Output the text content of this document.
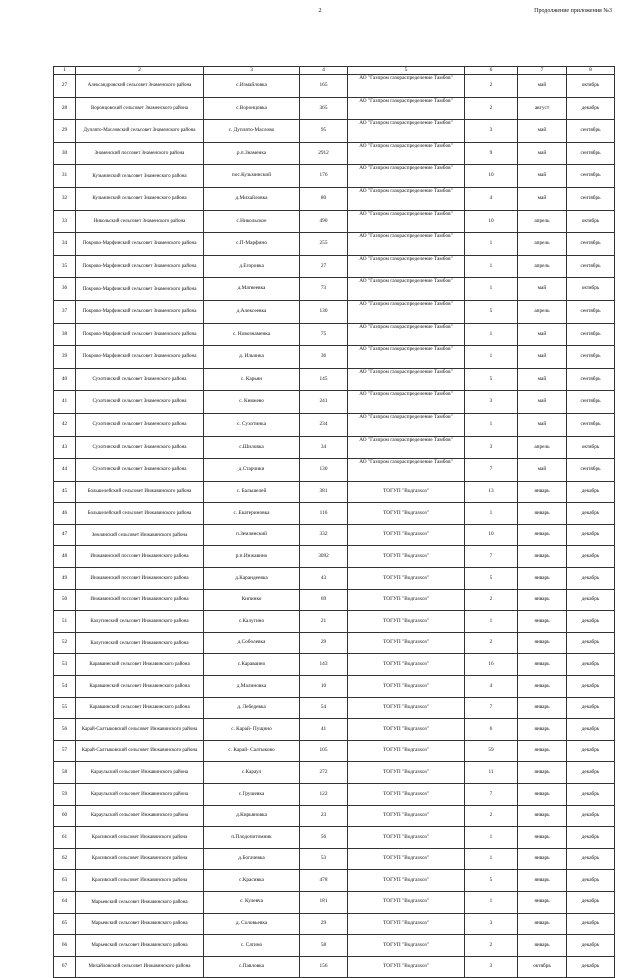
2	Продолжение приложения №3
1	2	3	4	5	6	7	8
27	Александровский сельсовет Знаменского района	с.Измайловка	165	АО "Газпром газораспределение Тамбов"	2	май	октябрь
28	Воронцовский сельсовет Знаменского района	с.Воронцовка	365	АО "Газпром газораспределение Тамбов"	2	август	декабрь
29	Дуплято-Масловский сельсовет Знаменского района	с. Дуплято-Маслово	95	АО "Газпром газораспределение Тамбов"	3	май	сентябрь
30	Знаменский поссовет Знаменского района	р.п.Знаменка	2912	АО "Газпром газораспределение Тамбов"	9	май	сентябрь
31	Кузьминский сельсовет Знаменского района	пос.Кузьминский	176	АО "Газпром газораспределение Тамбов"	10	май	сентябрь
32	Кузьминский сельсовет Знаменского района	д.Михайловка	80	АО "Газпром газораспределение Тамбов"	4	май	сентябрь
33	Никольский сельсовет Знаменского района	с.Никольское	490	АО "Газпром газораспределение Тамбов"	10	апрель	октябрь
34	Покрово-Марфинский сельсовет Знаменского района	с.П-Марфино	255	АО "Газпром газораспределение Тамбов"	1	апрель	сентябрь
35	Покрово-Марфинский сельсовет Знаменского района	д.Егоровка	27	АО "Газпром газораспределение Тамбов"	1	апрель	сентябрь
36	Покрово-Марфинский сельсовет Знаменского района	д.Матвеевка	73	АО "Газпром газораспределение Тамбов"	1	май	октябрь
37	Покрово-Марфинский сельсовет Знаменского района	д.Алексеевка	130	АО "Газпром газораспределение Тамбов"	5	апрель	сентябрь
38	Покрово-Марфинский сельсовет Знаменского района	с. Новознаменка	75	АО "Газпром газораспределение Тамбов"	1	май	сентябрь
39	Покрово-Марфинский сельсовет Знаменского района	д. Ильинка	36	АО "Газпром газораспределение Тамбов"	1	май	сентябрь
40	Сухотинский сельсовет Знаменского района	с. Карьян	145	АО "Газпром газораспределение Тамбов"	5	май	сентябрь
41	Сухотинский сельсовет Знаменского района	с. Княжево	241	АО "Газпром газораспределение Тамбов"	3	май	сентябрь
42	Сухотинский сельсовет Знаменского района	с. Сухотинка	234	АО "Газпром газораспределение Тамбов"	1	май	сентябрь
43	Сухотинский сельсовет Знаменского района	с.Шиловка	34	АО "Газпром газораспределение Тамбов"	3	апрель	октябрь
44	Сухотинский сельсовет Знаменского района	д.Старчики	130	АО "Газпром газораспределение Тамбов"	7	май	сентябрь
45	Большелейский сельсовет Инжавинского района	с. Бальшелей	381	ТОГУП "Водгазхоз"	13	январь	декабрь
46	Большелейский сельсовет Инжавинского района	с. Екатериновка	116	ТОГУП "Водгазхоз"	1	январь	декабрь
47	Землянский сельсовет Инжавинского района	п.Землянский	332	ТОГУП "Водгазхоз"	10	январь	декабрь
48	Инжавинский поссовет Инжавинского района	р.п.Инжавино	3092	ТОГУП "Водгазхоз"	7	январь	декабрь
49	Инжавинский поссовет Инжавинского района	д.Карандеевка	43	ТОГУП "Водгазхоз"	5	январь	декабрь
50	Инжавинский поссовет Инжавинского района	Кипинко	69	ТОГУП "Водгазхоз"	2	январь	декабрь
51	Калугинский сельсовет Инжавинского района	с.Калугино	21	ТОГУП "Водгазхоз"	1	январь	декабрь
52	Калугинский сельсовет Инжавинского района	д.Соболевка	29	ТОГУП "Водгазхоз"	2	январь	декабрь
53	Караваинский сельсовет Инжавинского района	с.Караваино	143	ТОГУП "Водгазхоз"	16	январь	декабрь
54	Караваинский сельсовет Инжавинского района	д.Малиновка	10	ТОГУП "Водгазхоз"	4	январь	декабрь
55	Караваинский сельсовет Инжавинского района	д. Лебедевка	54	ТОГУП "Водгазхоз"	7	январь	декабрь
56	Карай-Салтыковский сельсовет Инжавинского района	с. Карай- Пущино	41	ТОГУП "Водгазхоз"	6	январь	декабрь
57	Карай-Салтыковский сельсовет Инжавинского района	с. Карай- Салтыково	105	ТОГУП "Водгазхоз"	59	январь	декабрь
58	Караульский сельсовет Инжавинского района	с.Караул	272	ТОГУП "Водгазхоз"	11	январь	декабрь
59	Караульский сельсовет Инжавинского района	с.Грушевка	122	ТОГУП "Водгазхоз"	7	январь	декабрь
60	Караульский сельсовет Инжавинского района	д.Кирьяновка	23	ТОГУП "Водгазхоз"	2	январь	декабрь
61	Красивский сельсовет Инжавинского района	п.Плодопитомник	56	ТОГУП "Водгазхоз"	1	январь	декабрь
62	Красивский сельсовет Инжавинского района	д.Богачевка	53	ТОГУП "Водгазхоз"	1	январь	декабрь
63	Красивский сельсовет Инжавинского района	с.Красивка	478	ТОГУП "Водгазхоз"	5	январь	декабрь
64	Марьевский сельсовет Инжавинского района	с. Кулевча	181	ТОГУП "Водгазхоз"	1	январь	декабрь
65	Марьевский сельсовет Инжавинского района	д. Соловьевка	29	ТОГУП "Водгазхоз"	3	январь	декабрь
66	Марьевский сельсовет Инжавинского района	с. Сатино	58	ТОГУП "Водгазхоз"	2	январь	декабрь
67	Михайловский сельсовет Инжавинского района	с.Павловка	156	ТОГУП "Водгазхоз"	3	октябрь	декабрь
